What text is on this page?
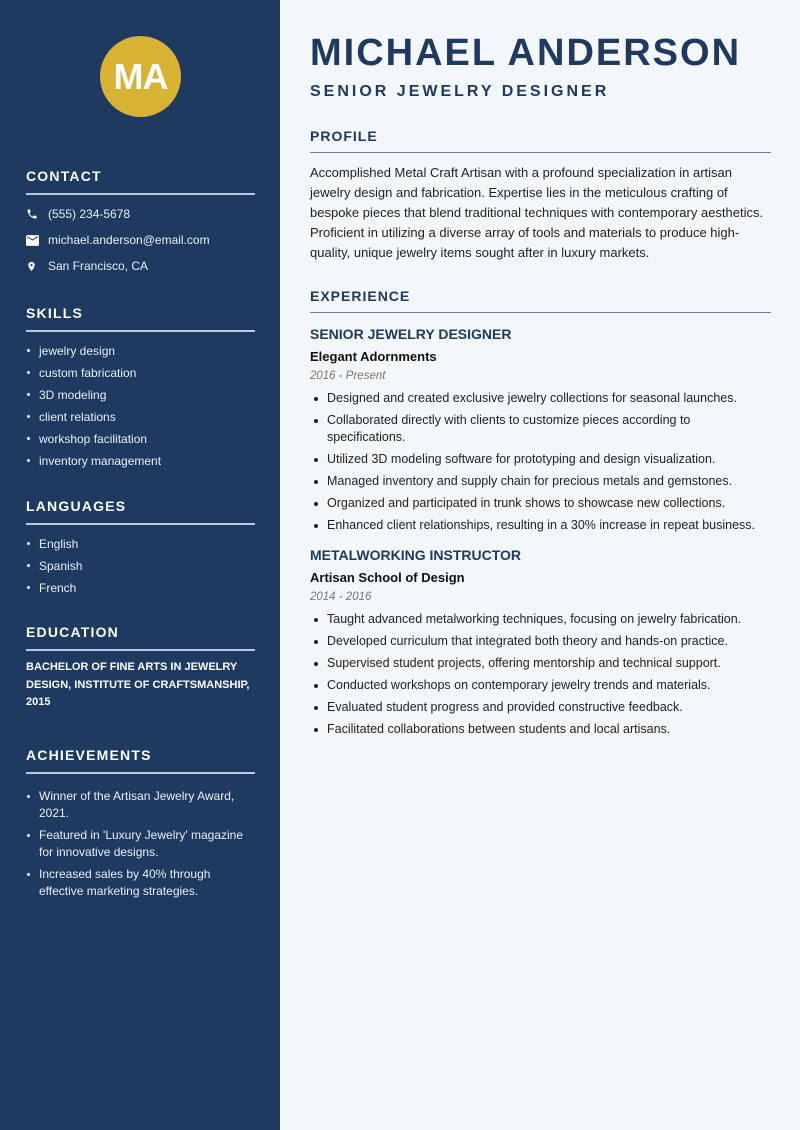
MA
CONTACT
(555) 234-5678
michael.anderson@email.com
San Francisco, CA
SKILLS
jewelry design
custom fabrication
3D modeling
client relations
workshop facilitation
inventory management
LANGUAGES
English
Spanish
French
EDUCATION

BACHELOR OF FINE ARTS IN JEWELRY DESIGN, INSTITUTE OF CRAFTSMANSHIP, 2015

ACHIEVEMENTS
Winner of the Artisan Jewelry Award, 2021.
Featured in 'Luxury Jewelry' magazine for innovative designs.
Increased sales by 40% through effective marketing strategies.
MICHAEL ANDERSON
SENIOR JEWELRY DESIGNER
PROFILE

Accomplished Metal Craft Artisan with a profound specialization in artisan jewelry design and fabrication. Expertise lies in the meticulous crafting of bespoke pieces that blend traditional techniques with contemporary aesthetics. Proficient in utilizing a diverse array of tools and materials to produce high-quality, unique jewelry items sought after in luxury markets.

EXPERIENCE
SENIOR JEWELRY DESIGNER
Elegant Adornments
2016 - Present
Designed and created exclusive jewelry collections for seasonal launches.
Collaborated directly with clients to customize pieces according to specifications.
Utilized 3D modeling software for prototyping and design visualization.
Managed inventory and supply chain for precious metals and gemstones.
Organized and participated in trunk shows to showcase new collections.
Enhanced client relationships, resulting in a 30% increase in repeat business.
METALWORKING INSTRUCTOR
Artisan School of Design
2014 - 2016
Taught advanced metalworking techniques, focusing on jewelry fabrication.
Developed curriculum that integrated both theory and hands-on practice.
Supervised student projects, offering mentorship and technical support.
Conducted workshops on contemporary jewelry trends and materials.
Evaluated student progress and provided constructive feedback.
Facilitated collaborations between students and local artisans.
